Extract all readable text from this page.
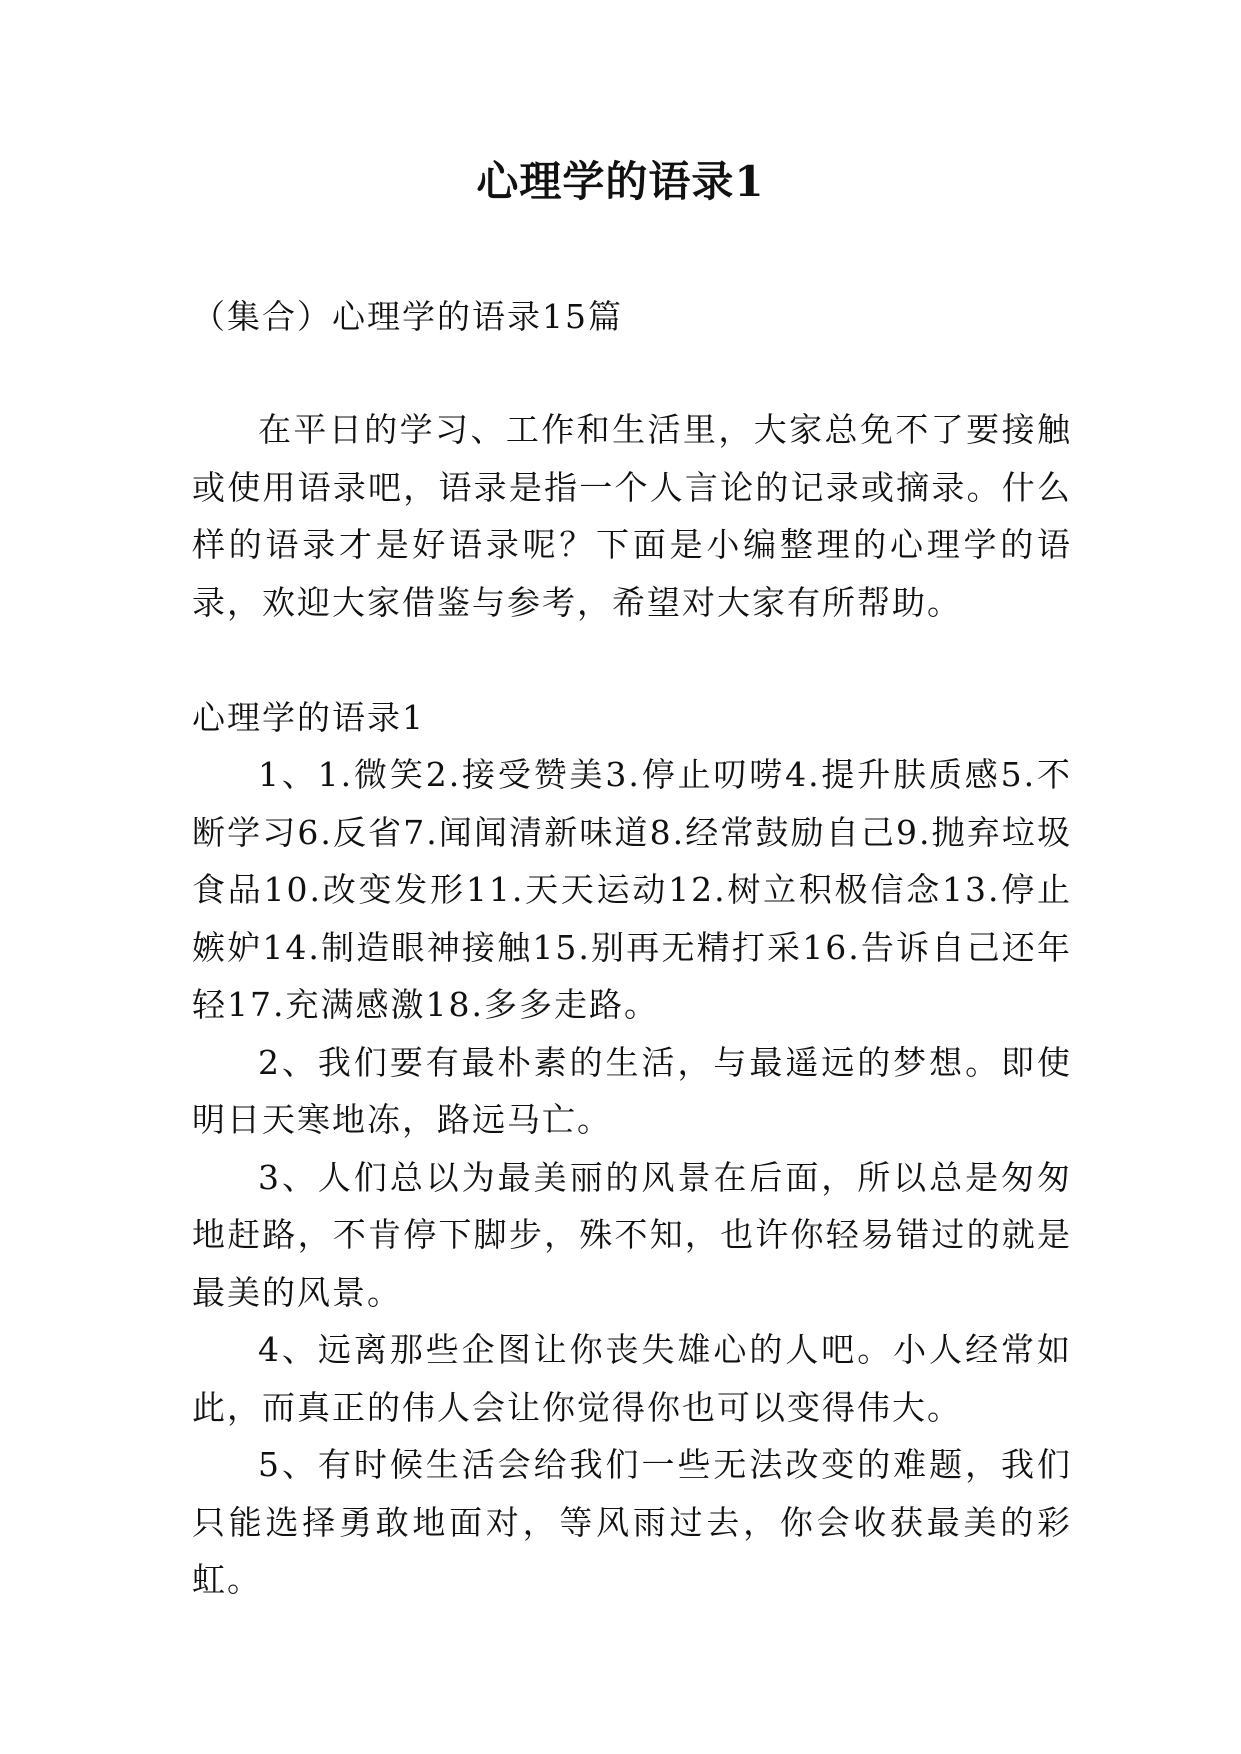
心理学的语录1

（集合）心理学的语录15篇

在平日的学习、工作和生活里，大家总免不了要接触或使用语录吧，语录是指一个人言论的记录或摘录。什么样的语录才是好语录呢？下面是小编整理的心理学的语录，欢迎大家借鉴与参考，希望对大家有所帮助。

心理学的语录1

1、1.微笑2.接受赞美3.停止叨唠4.提升肤质感5.不断学习6.反省7.闻闻清新味道8.经常鼓励自己9.抛弃垃圾食品10.改变发形11.天天运动12.树立积极信念13.停止嫉妒14.制造眼神接触15.别再无精打采16.告诉自己还年轻17.充满感激18.多多走路。
2、我们要有最朴素的生活，与最遥远的梦想。即使明日天寒地冻，路远马亡。
3、人们总以为最美丽的风景在后面，所以总是匆匆地赶路，不肯停下脚步，殊不知，也许你轻易错过的就是最美的风景。
4、远离那些企图让你丧失雄心的人吧。小人经常如此，而真正的伟人会让你觉得你也可以变得伟大。
5、有时候生活会给我们一些无法改变的难题，我们只能选择勇敢地面对，等风雨过去，你会收获最美的彩虹。
